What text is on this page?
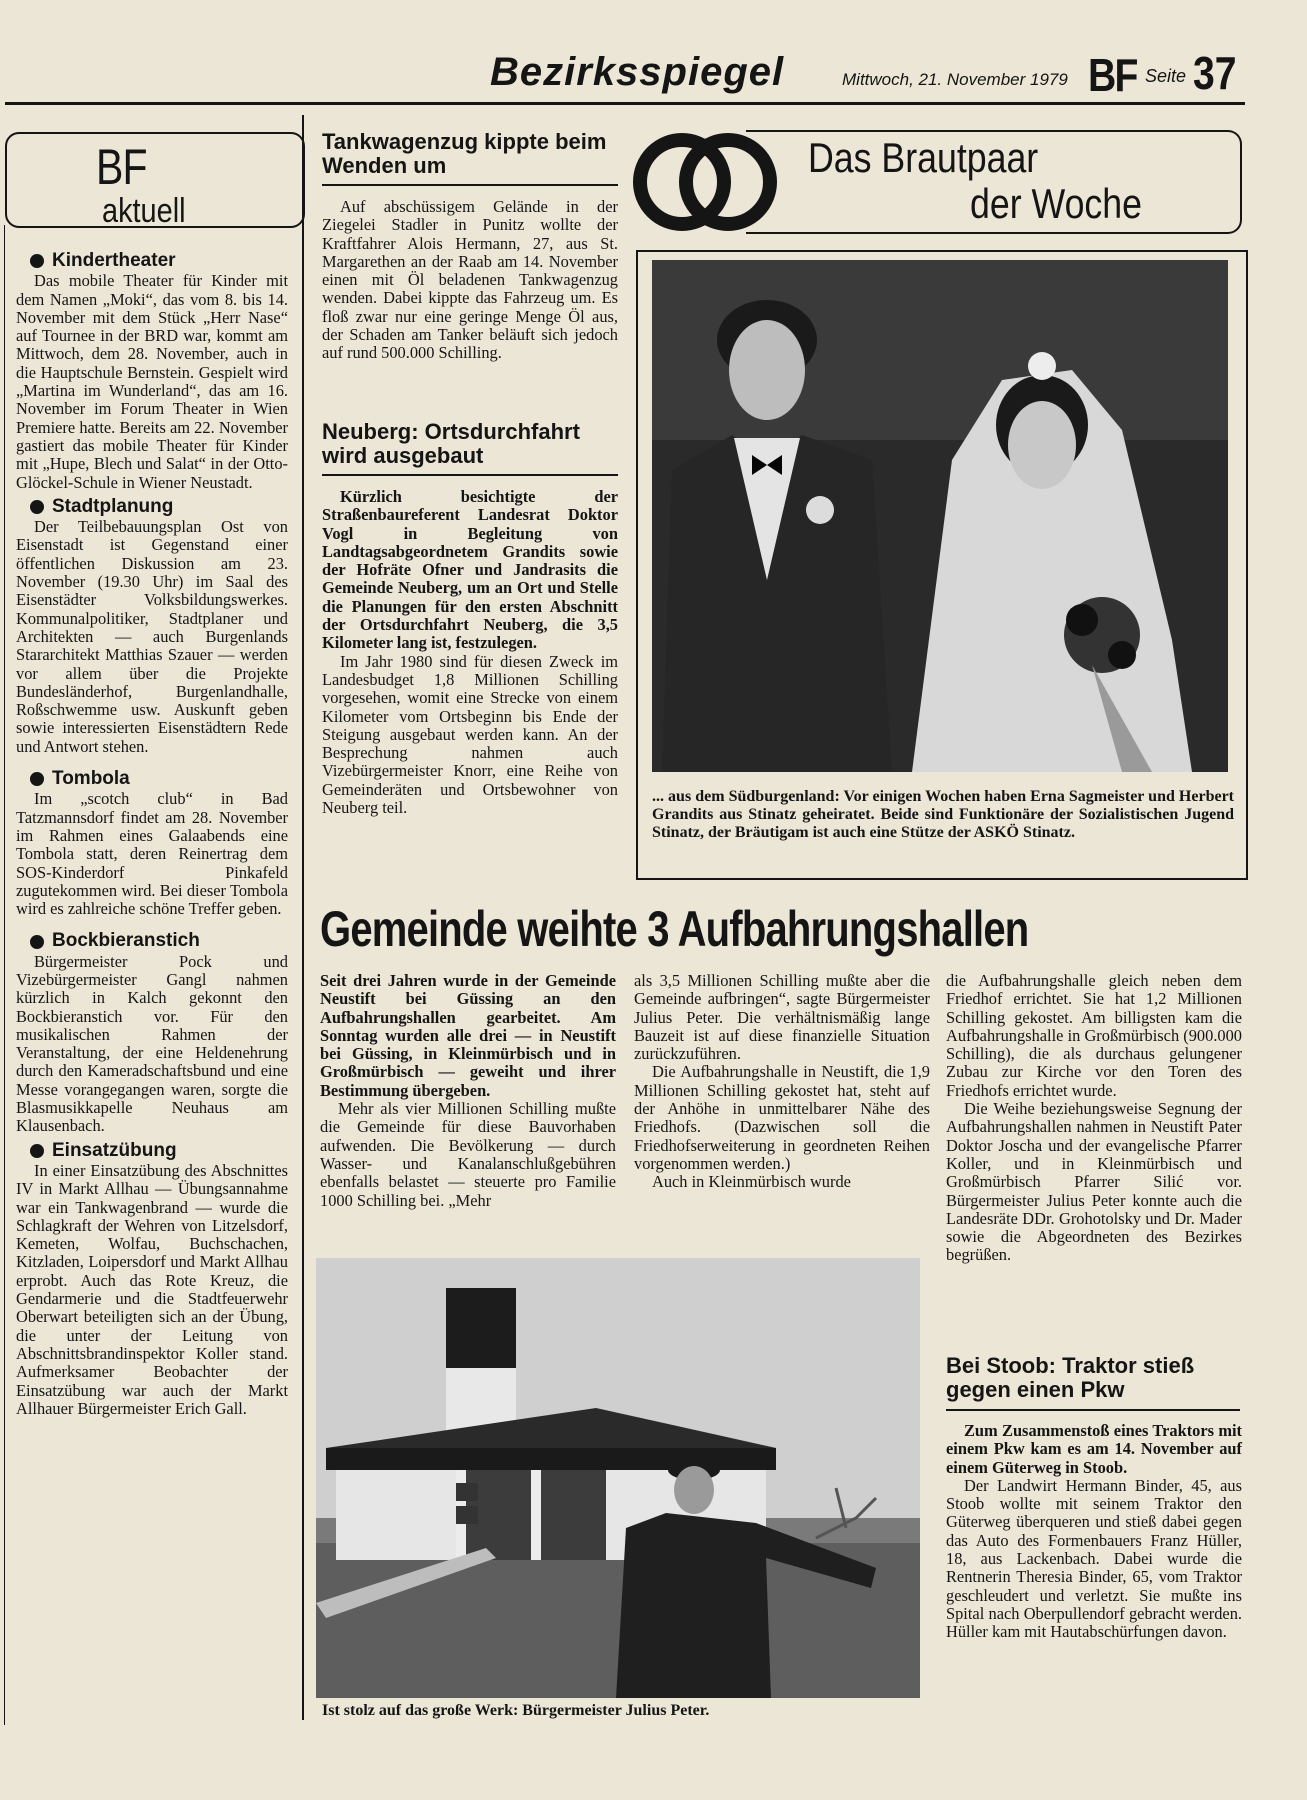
Bezirksspiegel	Mittwoch, 21. November 1979 BF Seite 37
BF
aktuell
Kindertheater

Das mobile Theater für Kinder mit dem Namen „Moki“, das vom 8. bis 14. November mit dem Stück „Herr Nase“ auf Tournee in der BRD war, kommt am Mittwoch, dem 28. November, auch in die Hauptschule Bernstein. Gespielt wird „Martina im Wunderland“, das am 16. November im Forum Theater in Wien Premiere hatte. Bereits am 22. November gastiert das mobile Theater für Kinder mit „Hupe, Blech und Salat“ in der Otto-Glöckel-Schule in Wiener Neustadt.

Stadtplanung

Der Teilbebauungsplan Ost von Eisenstadt ist Gegenstand einer öffentlichen Diskussion am 23. November (19.30 Uhr) im Saal des Eisenstädter Volksbildungswerkes. Kommunalpolitiker, Stadtplaner und Architekten — auch Burgenlands Stararchitekt Matthias Szauer — werden vor allem über die Projekte Bundesländerhof, Burgenlandhalle, Roßschwemme usw. Auskunft geben sowie interessierten Eisenstädtern Rede und Antwort stehen.

Tombola

Im „scotch club“ in Bad Tatzmannsdorf findet am 28. November im Rahmen eines Galaabends eine Tombola statt, deren Reinertrag dem SOS-Kinderdorf Pinkafeld zugutekommen wird. Bei dieser Tombola wird es zahlreiche schöne Treffer geben.

Bockbieranstich

Bürgermeister Pock und Vizebürgermeister Gangl nahmen kürzlich in Kalch gekonnt den Bockbieranstich vor. Für den musikalischen Rahmen der Veranstaltung, der eine Heldenehrung durch den Kameradschaftsbund und eine Messe vorangegangen waren, sorgte die Blasmusikkapelle Neuhaus am Klausenbach.

Einsatzübung

In einer Einsatzübung des Abschnittes IV in Markt Allhau — Übungsannahme war ein Tankwagenbrand — wurde die Schlagkraft der Wehren von Litzelsdorf, Kemeten, Wolfau, Buchschachen, Kitzladen, Loipersdorf und Markt Allhau erprobt. Auch das Rote Kreuz, die Gendarmerie und die Stadtfeuerwehr Oberwart beteiligten sich an der Übung, die unter der Leitung von Abschnittsbrandinspektor Koller stand. Aufmerksamer Beobachter der Einsatzübung war auch der Markt Allhauer Bürgermeister Erich Gall.

Tankwagenzug kippte beim Wenden um

Auf abschüssigem Gelände in der Ziegelei Stadler in Punitz wollte der Kraftfahrer Alois Hermann, 27, aus St. Margarethen an der Raab am 14. November einen mit Öl beladenen Tankwagenzug wenden. Dabei kippte das Fahrzeug um. Es floß zwar nur eine geringe Menge Öl aus, der Schaden am Tanker beläuft sich jedoch auf rund 500.000 Schilling.

Neuberg: Ortsdurchfahrt wird ausgebaut

Kürzlich besichtigte der Straßenbaureferent Landesrat Doktor Vogl in Begleitung von Landtagsabgeordnetem Grandits sowie der Hofräte Ofner und Jandrasits die Gemeinde Neuberg, um an Ort und Stelle die Planungen für den ersten Abschnitt der Ortsdurchfahrt Neuberg, die 3,5 Kilometer lang ist, festzulegen.

Im Jahr 1980 sind für diesen Zweck im Landesbudget 1,8 Millionen Schilling vorgesehen, womit eine Strecke von einem Kilometer vom Ortsbeginn bis Ende der Steigung ausgebaut werden kann. An der Besprechung nahmen auch Vizebürgermeister Knorr, eine Reihe von Gemeinderäten und Ortsbewohner von Neuberg teil.

Das Brautpaar
der Woche
... aus dem Südburgenland: Vor einigen Wochen haben Erna Sagmeister und Herbert Grandits aus Stinatz geheiratet. Beide sind Funktionäre der Sozialistischen Jugend Stinatz, der Bräutigam ist auch eine Stütze der ASKÖ Stinatz.
Gemeinde weihte 3 Aufbahrungshallen

Seit drei Jahren wurde in der Gemeinde Neustift bei Güssing an den Aufbahrungshallen gearbeitet. Am Sonntag wurden alle drei — in Neustift bei Güssing, in Kleinmürbisch und in Großmürbisch — geweiht und ihrer Bestimmung übergeben.

Mehr als vier Millionen Schilling mußte die Gemeinde für diese Bauvorhaben aufwenden. Die Bevölkerung — durch Wasser- und Kanalanschlußgebühren ebenfalls belastet — steuerte pro Familie 1000 Schilling bei. „Mehr

als 3,5 Millionen Schilling mußte aber die Gemeinde aufbringen“, sagte Bürgermeister Julius Peter. Die verhältnismäßig lange Bauzeit ist auf diese finanzielle Situation zurückzuführen.

Die Aufbahrungshalle in Neustift, die 1,9 Millionen Schilling gekostet hat, steht auf der Anhöhe in unmittelbarer Nähe des Friedhofs. (Dazwischen soll die Friedhofserweiterung in geordneten Reihen vorgenommen werden.)

Auch in Kleinmürbisch wurde

die Aufbahrungshalle gleich neben dem Friedhof errichtet. Sie hat 1,2 Millionen Schilling gekostet. Am billigsten kam die Aufbahrungshalle in Großmürbisch (900.000 Schilling), die als durchaus gelungener Zubau zur Kirche vor den Toren des Friedhofs errichtet wurde.

Die Weihe beziehungsweise Segnung der Aufbahrungshallen nahmen in Neustift Pater Doktor Joscha und der evangelische Pfarrer Koller, und in Kleinmürbisch und Großmürbisch Pfarrer Silić vor. Bürgermeister Julius Peter konnte auch die Landesräte DDr. Grohotolsky und Dr. Mader sowie die Abgeordneten des Bezirkes begrüßen.

Ist stolz auf das große Werk: Bürgermeister Julius Peter.
Bei Stoob: Traktor stieß gegen einen Pkw

Zum Zusammenstoß eines Traktors mit einem Pkw kam es am 14. November auf einem Güterweg in Stoob.

Der Landwirt Hermann Binder, 45, aus Stoob wollte mit seinem Traktor den Güterweg überqueren und stieß dabei gegen das Auto des Formenbauers Franz Hüller, 18, aus Lackenbach. Dabei wurde die Rentnerin Theresia Binder, 65, vom Traktor geschleudert und verletzt. Sie mußte ins Spital nach Oberpullendorf gebracht werden. Hüller kam mit Hautabschürfungen davon.
